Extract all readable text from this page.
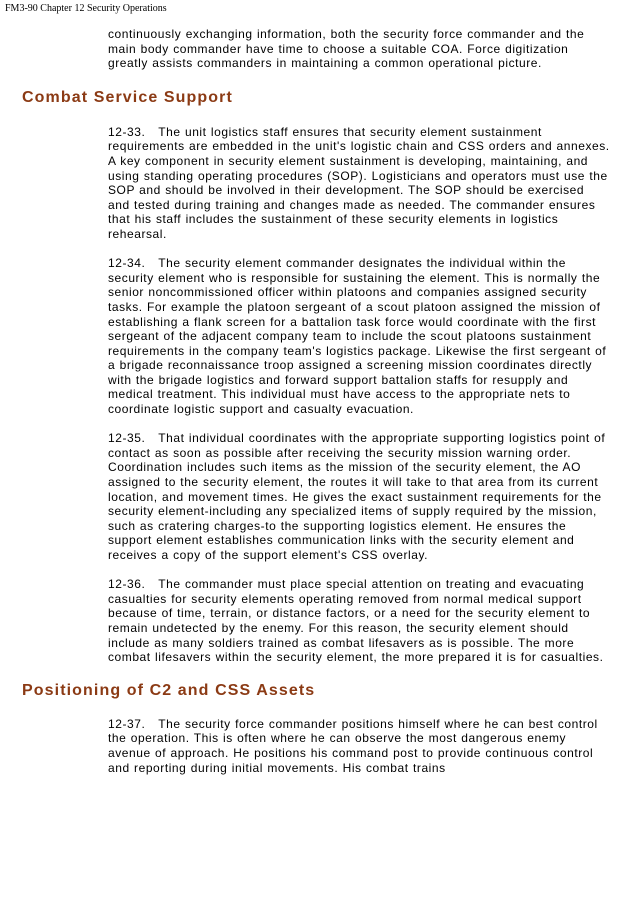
FM3-90 Chapter 12 Security Operations

continuously exchanging information, both the security force commander and the main body commander have time to choose a suitable COA. Force digitization greatly assists commanders in maintaining a common operational picture.

Combat Service Support

12-33.   The unit logistics staff ensures that security element sustainment requirements are embedded in the unit's logistic chain and CSS orders and annexes. A key component in security element sustainment is developing, maintaining, and using standing operating procedures (SOP). Logisticians and operators must use the SOP and should be involved in their development. The SOP should be exercised and tested during training and changes made as needed. The commander ensures that his staff includes the sustainment of these security elements in logistics rehearsal.

12-34.   The security element commander designates the individual within the security element who is responsible for sustaining the element. This is normally the senior noncommissioned officer within platoons and companies assigned security tasks. For example the platoon sergeant of a scout platoon assigned the mission of establishing a flank screen for a battalion task force would coordinate with the first sergeant of the adjacent company team to include the scout platoons sustainment requirements in the company team's logistics package. Likewise the first sergeant of a brigade reconnaissance troop assigned a screening mission coordinates directly with the brigade logistics and forward support battalion staffs for resupply and medical treatment. This individual must have access to the appropriate nets to coordinate logistic support and casualty evacuation.

12-35.   That individual coordinates with the appropriate supporting logistics point of contact as soon as possible after receiving the security mission warning order. Coordination includes such items as the mission of the security element, the AO assigned to the security element, the routes it will take to that area from its current location, and movement times. He gives the exact sustainment requirements for the security element-including any specialized items of supply required by the mission, such as cratering charges-to the supporting logistics element. He ensures the support element establishes communication links with the security element and receives a copy of the support element's CSS overlay.

12-36.   The commander must place special attention on treating and evacuating casualties for security elements operating removed from normal medical support because of time, terrain, or distance factors, or a need for the security element to remain undetected by the enemy. For this reason, the security element should include as many soldiers trained as combat lifesavers as is possible. The more combat lifesavers within the security element, the more prepared it is for casualties.

Positioning of C2 and CSS Assets

12-37.   The security force commander positions himself where he can best control the operation. This is often where he can observe the most dangerous enemy avenue of approach. He positions his command post to provide continuous control and reporting during initial movements. His combat trains
